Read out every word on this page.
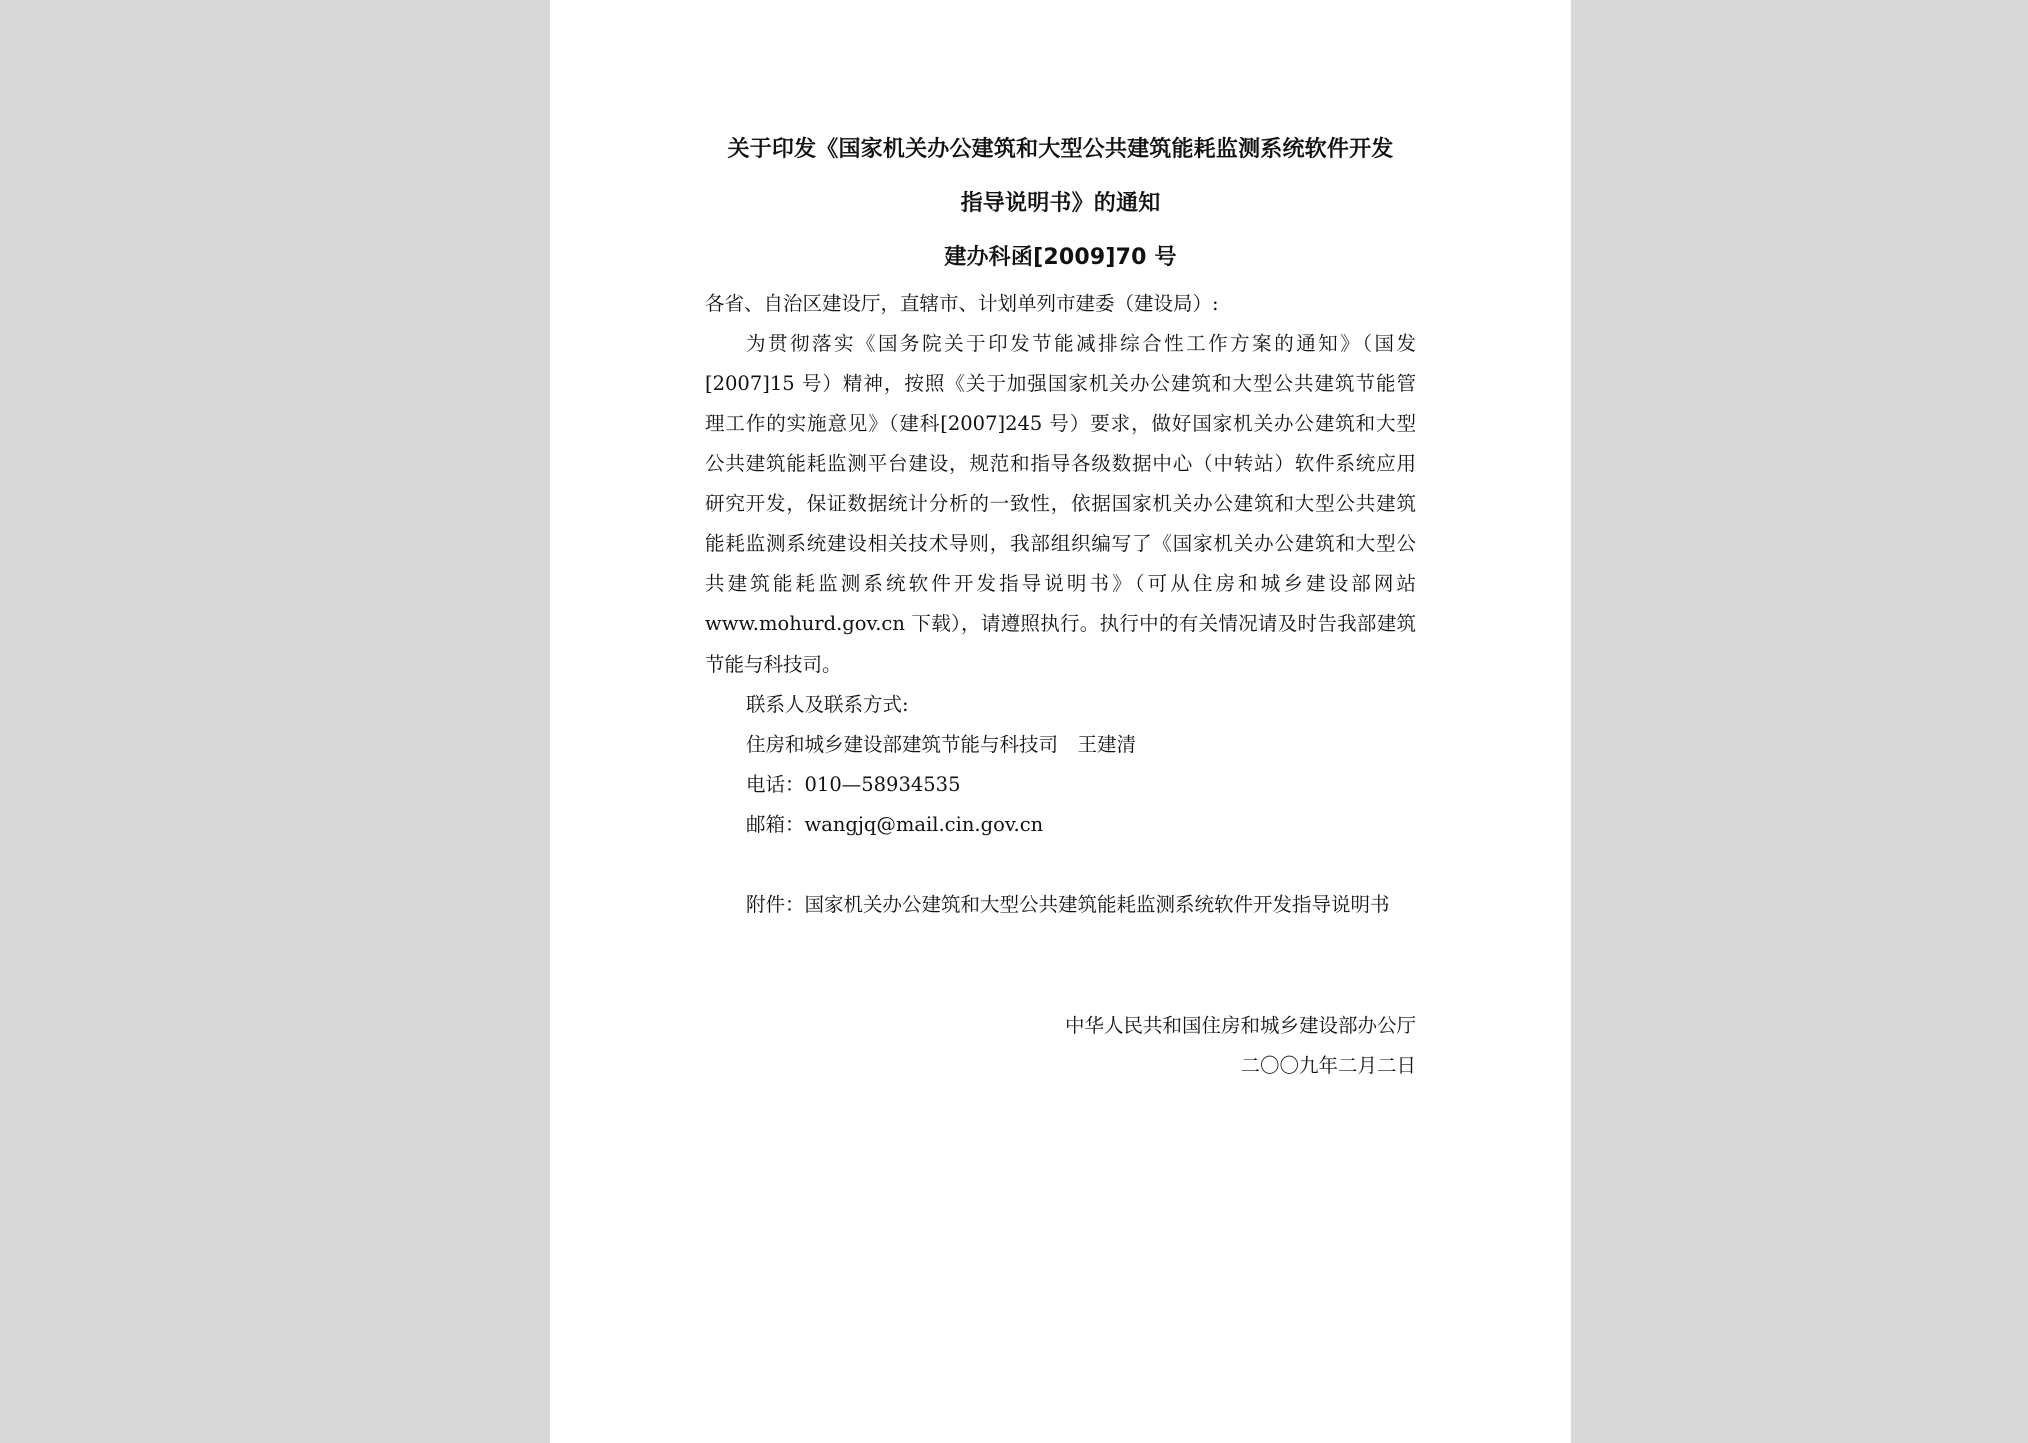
关于印发《国家机关办公建筑和大型公共建筑能耗监测系统软件开发
指导说明书》的通知
建办科函[2009]70 号
各省、自治区建设厅，直辖市、计划单列市建委（建设局）:
为贯彻落实《国务院关于印发节能减排综合性工作方案的通知》（国发
[2007]15 号）精神，按照《关于加强国家机关办公建筑和大型公共建筑节能管
理工作的实施意见》（建科[2007]245 号）要求，做好国家机关办公建筑和大型
公共建筑能耗监测平台建设，规范和指导各级数据中心（中转站）软件系统应用
研究开发，保证数据统计分析的一致性，依据国家机关办公建筑和大型公共建筑
能耗监测系统建设相关技术导则，我部组织编写了《国家机关办公建筑和大型公
共建筑能耗监测系统软件开发指导说明书》（可从住房和城乡建设部网站
www.mohurd.gov.cn 下载），请遵照执行。执行中的有关情况请及时告我部建筑
节能与科技司。
联系人及联系方式:
住房和城乡建设部建筑节能与科技司　王建清
电话：010—58934535
邮箱：wangjq@mail.cin.gov.cn
附件：国家机关办公建筑和大型公共建筑能耗监测系统软件开发指导说明书
中华人民共和国住房和城乡建设部办公厅
二〇〇九年二月二日
